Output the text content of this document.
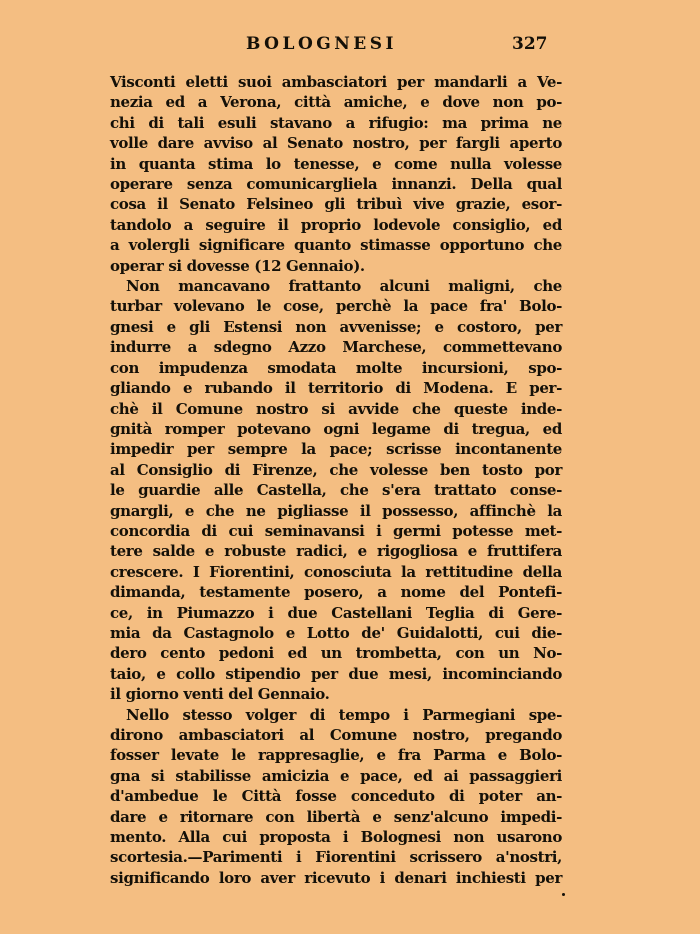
BOLOGNESI	327
Visconti eletti suoi ambasciatori per mandarli a Ve-
nezia ed a Verona, città amiche, e dove non po-
chi di tali esuli stavano a rifugio: ma prima ne
volle dare avviso al Senato nostro, per fargli aperto
in quanta stima lo tenesse, e come nulla volesse
operare senza comunicargliela innanzi. Della qual
cosa il Senato Felsineo gli tribuì vive grazie, esor-
tandolo a seguire il proprio lodevole consiglio, ed
a volergli significare quanto stimasse opportuno che
operar si dovesse (12 Gennaio).
Non mancavano frattanto alcuni maligni, che
turbar volevano le cose, perchè la pace fra' Bolo-
gnesi e gli Estensi non avvenisse; e costoro, per
indurre a sdegno Azzo Marchese, commettevano
con impudenza smodata molte incursioni, spo-
gliando e rubando il territorio di Modena. E per-
chè il Comune nostro si avvide che queste inde-
gnità romper potevano ogni legame di tregua, ed
impedir per sempre la pace; scrisse incontanente
al Consiglio di Firenze, che volesse ben tosto por
le guardie alle Castella, che s'era trattato conse-
gnargli, e che ne pigliasse il possesso, affinchè la
concordia di cui seminavansi i germi potesse met-
tere salde e robuste radici, e rigogliosa e fruttifera
crescere. I Fiorentini, conosciuta la rettitudine della
dimanda, testamente posero, a nome del Pontefi-
ce, in Piumazzo i due Castellani Teglia di Gere-
mia da Castagnolo e Lotto de' Guidalotti, cui die-
dero cento pedoni ed un trombetta, con un No-
taio, e collo stipendio per due mesi, incominciando
il giorno venti del Gennaio.
Nello stesso volger di tempo i Parmegiani spe-
dirono ambasciatori al Comune nostro, pregando
fosser levate le rappresaglie, e fra Parma e Bolo-
gna si stabilisse amicizia e pace, ed ai passaggieri
d'ambedue le Città fosse conceduto di poter an-
dare e ritornare con libertà e senz'alcuno impedi-
mento. Alla cui proposta i Bolognesi non usarono
scortesia.—Parimenti i Fiorentini scrissero a'nostri,
significando loro aver ricevuto i denari inchiesti per
